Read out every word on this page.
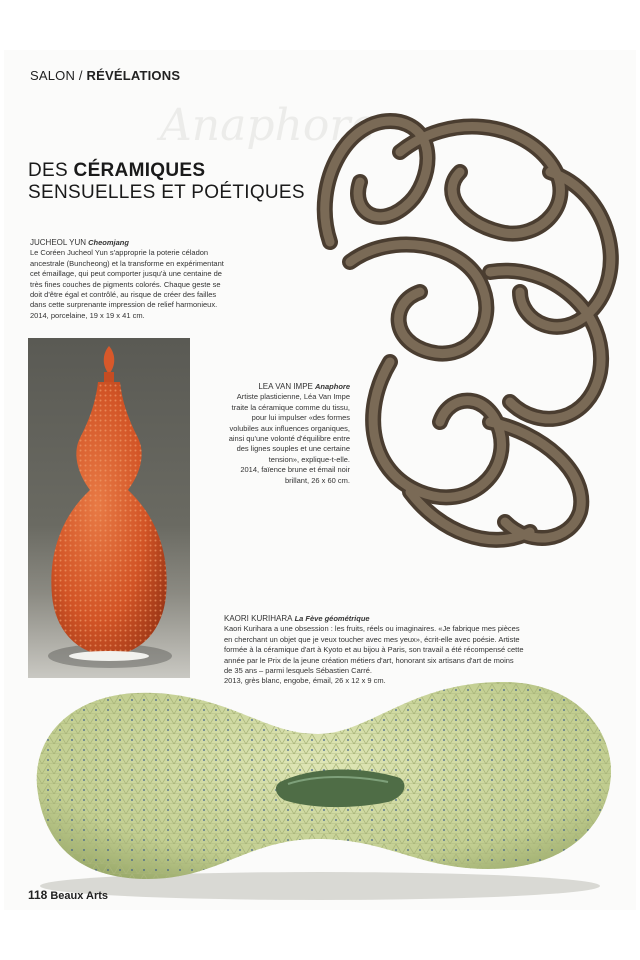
SALON / RÉVÉLATIONS
DES CÉRAMIQUES
SENSUELLES ET POÉTIQUES
JUCHEOL YUN Cheomjang
Le Coréen Jucheol Yun s'approprie la poterie céladon ancestrale (Buncheong) et la transforme en expérimentant cet émaillage, qui peut comporter jusqu'à une centaine de très fines couches de pigments colorés. Chaque geste se doit d'être égal et contrôlé, au risque de créer des failles dans cette surprenante impression de relief harmonieux.
2014, porcelaine, 19 x 19 x 41 cm.
Anaphore
LEA VAN IMPE Anaphore
Artiste plasticienne, Léa Van Impe traite la céramique comme du tissu, pour lui impulser «des formes volubiles aux influences organiques, ainsi qu'une volonté d'équilibre entre des lignes souples et une certaine tension», explique-t-elle.
2014, faïence brune et émail noir brillant, 26 x 60 cm.
KAORI KURIHARA La Fève géométrique
Kaori Kurihara a une obsession : les fruits, réels ou imaginaires. «Je fabrique mes pièces en cherchant un objet que je veux toucher avec mes yeux», écrit-elle avec poésie. Artiste formée à la céramique d'art à Kyoto et au bijou à Paris, son travail a été récompensé cette année par le Prix de la jeune création métiers d'art, honorant six artisans d'art de moins de 35 ans – parmi lesquels Sébastien Carré.
2013, grès blanc, engobe, émail, 26 x 12 x 9 cm.
118 Beaux Arts
